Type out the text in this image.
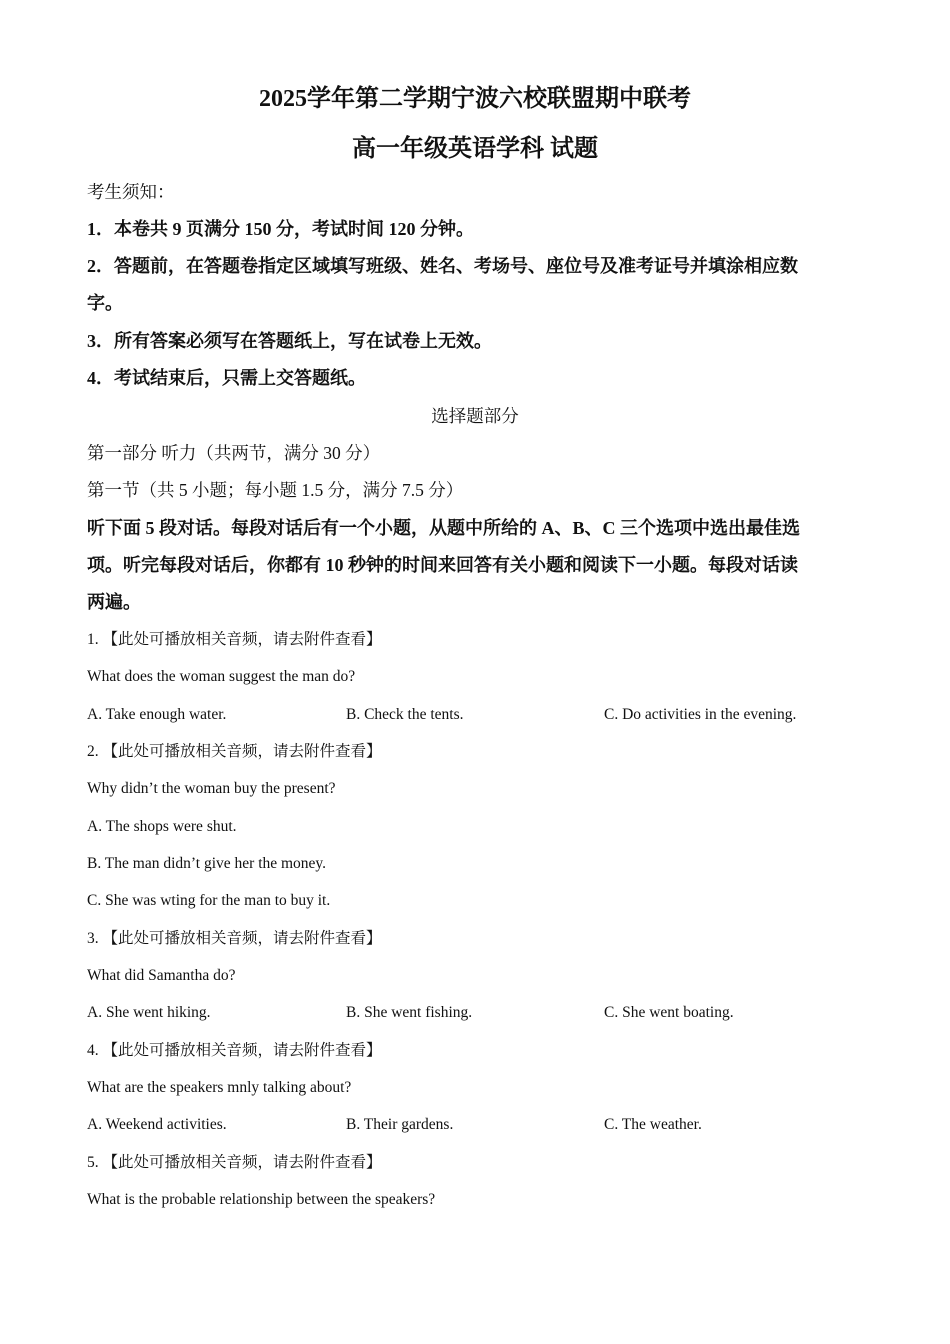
2025学年第二学期宁波六校联盟期中联考
高一年级英语学科 试题
考生须知：
1．本卷共 9 页满分 150 分，考试时间 120 分钟。
2．答题前，在答题卷指定区域填写班级、姓名、考场号、座位号及准考证号并填涂相应数
字。
3．所有答案必须写在答题纸上，写在试卷上无效。
4．考试结束后，只需上交答题纸。
选择题部分
第一部分 听力（共两节，满分 30 分）
第一节（共 5 小题；每小题 1.5 分，满分 7.5 分）
听下面 5 段对话。每段对话后有一个小题，从题中所给的 A、B、C 三个选项中选出最佳选
项。听完每段对话后，你都有 10 秒钟的时间来回答有关小题和阅读下一小题。每段对话读
两遍。
1. 【此处可播放相关音频，请去附件查看】
What does the woman suggest the man do?
A. Take enough water.	B. Check the tents.	C. Do activities in the evening.
2. 【此处可播放相关音频，请去附件查看】
Why didn’t the woman buy the present?
A. The shops were shut.
B. The man didn’t give her the money.
C. She was wting for the man to buy it.
3. 【此处可播放相关音频，请去附件查看】
What did Samantha do?
A. She went hiking.	B. She went fishing.	C. She went boating.
4. 【此处可播放相关音频，请去附件查看】
What are the speakers mnly talking about?
A. Weekend activities.	B. Their gardens.	C. The weather.
5. 【此处可播放相关音频，请去附件查看】
What is the probable relationship between the speakers?
